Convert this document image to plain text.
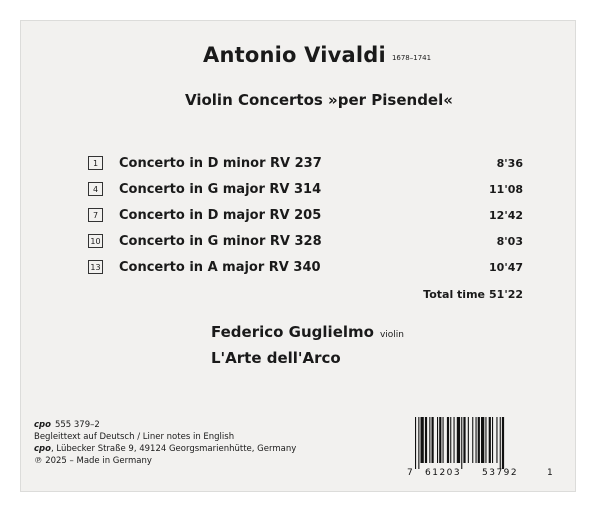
Antonio Vivaldi 1678–1741
Violin Concertos »per Pisendel«
1	Concerto in D minor RV 237	8'36
4	Concerto in G major RV 314	11'08
7	Concerto in D major RV 205	12'42
10 Concerto in G minor RV 328	8'03
13 Concerto in A major RV 340	10'47
Total time 51'22
Federico Guglielmo violin
L'Arte dell'Arco
cpo 555 379–2
Begleittext auf Deutsch / Liner notes in English
cpo, Lübecker Straße 9, 49124 Georgsmarienhütte, Germany
℗ 2025 – Made in Germany
7 61203 53792	1
